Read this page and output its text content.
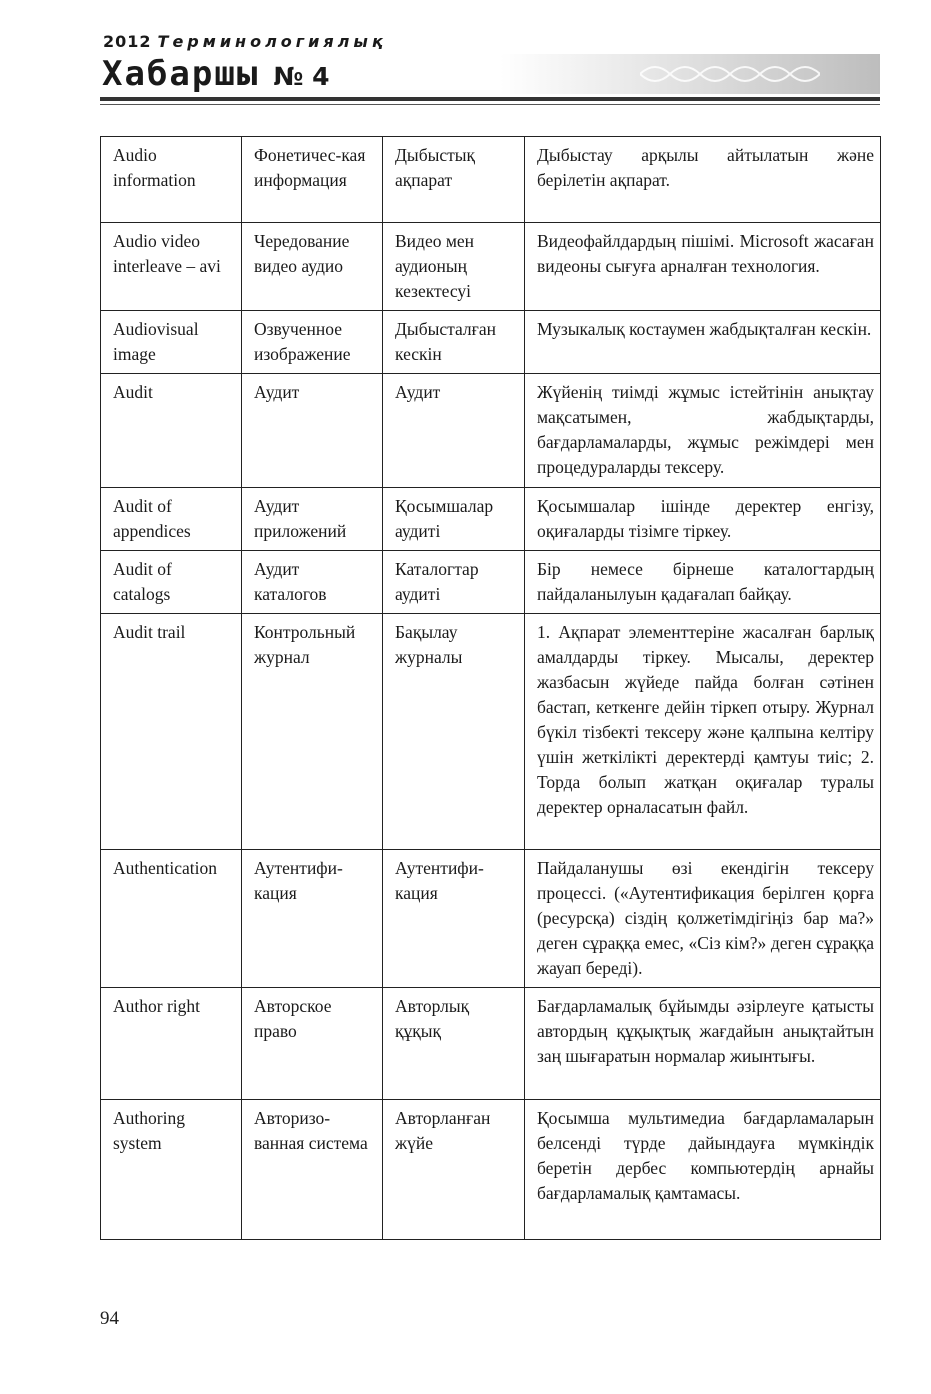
2012 Терминологиялық
Хабаршы № 4
Audio information	Фонетичес-кая информация	Дыбыстық ақпарат	Дыбыстау арқылы айтылатын және берілетін ақпарат.
Audio video interleave – avi	Чередование видео аудио	Видео мен аудионың кезектесуі	Видеофайлдардың пішімі. Microsoft жасаған видеоны сығуға арналған технология.
Audiovisual image	Озвученное изображение	Дыбысталған кескін	Музыкалық костаумен жабдықталған кескін.
Audit	Аудит	Аудит	Жүйенің тиімді жұмыс істейтінін анықтау мақсатымен, жабдықтарды, бағдарламаларды, жұмыс режімдері мен процедураларды тексеру.
Audit of appendices	Аудит приложений	Қосымшалар аудиті	Қосымшалар ішінде деректер енгізу, оқиғаларды тізімге тіркеу.
Audit of catalogs	Аудит каталогов	Каталогтар аудиті	Бір немесе бірнеше каталогтардың пайдаланылуын қадағалап байқау.
Audit trail	Контрольный журнал	Бақылау журналы	1. Ақпарат элементтеріне жасалған барлық амалдарды тіркеу. Мысалы, деректер жазбасын жүйеде пайда болған сәтінен бастап, кеткенге дейін тіркеп отыру. Журнал бүкіл тізбекті тексеру және қалпына келтіру үшін жеткілікті деректерді қамтуы тиіс; 2. Торда болып жатқан оқиғалар туралы деректер орналасатын файл.
Authentication	Аутентифи-кация	Аутентифи-кация	Пайдаланушы өзі екендігін тексеру процессі. («Аутентификация берілген қорға (ресурсқа) сіздің қолжетімдігіңіз бар ма?» деген сұраққа емес, «Сіз кім?» деген сұраққа жауап береді).
Author right	Авторское право	Авторлық құқық	Бағдарламалық бұйымды әзірлеуге қатысты автордың құқықтық жағдайын анықтайтын заң шығаратын нормалар жиынтығы.
Authoring system	Авторизо-ванная система	Авторланған жүйе	Қосымша мультимедиа бағдарламаларын белсенді түрде дайындауға мүмкіндік беретін дербес компьютердің арнайы бағдарламалық қамтамасы.
94
